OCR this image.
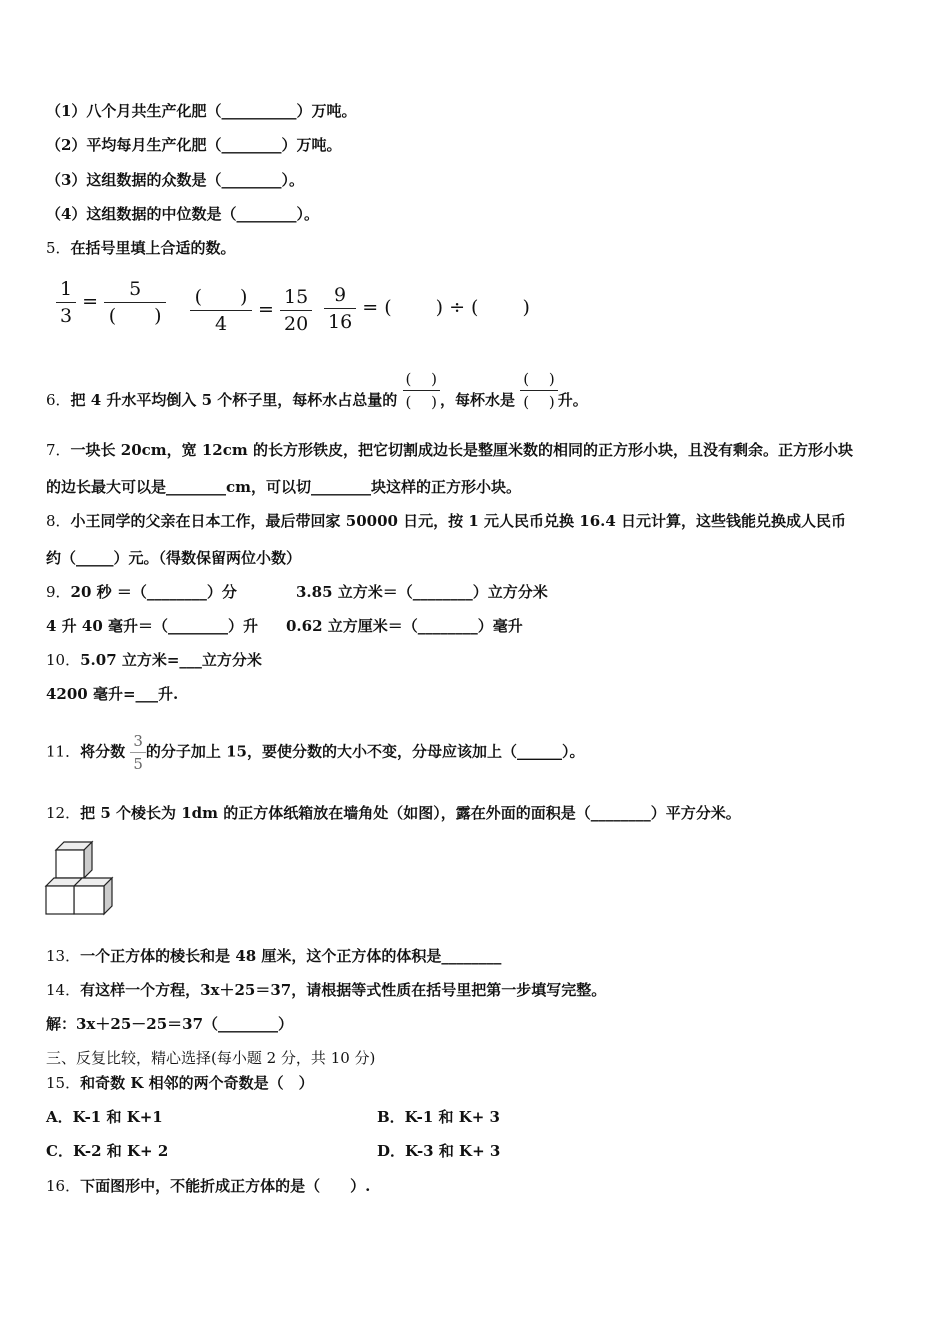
（1）八个月共生产化肥（__________）万吨。
（2）平均每月生产化肥（________）万吨。
（3）这组数据的众数是（________）。
（4）这组数据的中位数是（________）。
5．在括号里填上合适的数。
$\frac{1}{3}$ =
5
(　　)
(　　)
4
= $\frac{15}{20} \frac{9}{16}$ = (　　 ) ÷ (　　 )
6．把 4 升水平均倒入 5 个杯子里，每杯水占总量的 $\frac{( )}{( )}$ ，每杯水是 $\frac{( )}{( )}$ 升。
7．一块长 20cm，宽 12cm 的长方形铁皮，把它切割成边长是整厘米数的相同的正方形小块，且没有剩余。正方形小块
的边长最大可以是________cm，可以切________块这样的正方形小块。
8．小王同学的父亲在日本工作，最后带回家 50000 日元，按 1 元人民币兑换 16.4 日元计算，这些钱能兑换成人民币
约（_____）元。（得数保留两位小数）
9．20 秒 ＝（________）分	3.85 立方米＝（________）立方分米
4 升 40 毫升＝（________）升 0.62 立方厘米＝（________）毫升
10．5.07 立方米=___立方分米
4200 毫升=___升.
11．将分数 $\frac{3}{5}$ 的分子加上 15，要使分数的大小不变，分母应该加上（______）。
12．把 5 个棱长为 1dm 的正方体纸箱放在墙角处（如图），露在外面的面积是（________）平方分米。
13．一个正方体的棱长和是 48 厘米，这个正方体的体积是________
14．有这样一个方程，3x＋25＝37，请根据等式性质在括号里把第一步填写完整。
解：3x＋25－25＝37（________）
三、反复比较，精心选择(每小题 2 分，共 10 分)
15．和奇数 K 相邻的两个奇数是（　）
A．K-1 和 K+1	B．K-1 和 K+ 3
C．K-2 和 K+ 2	D．K-3 和 K+ 3
16．下面图形中，不能折成正方体的是（　　）.
